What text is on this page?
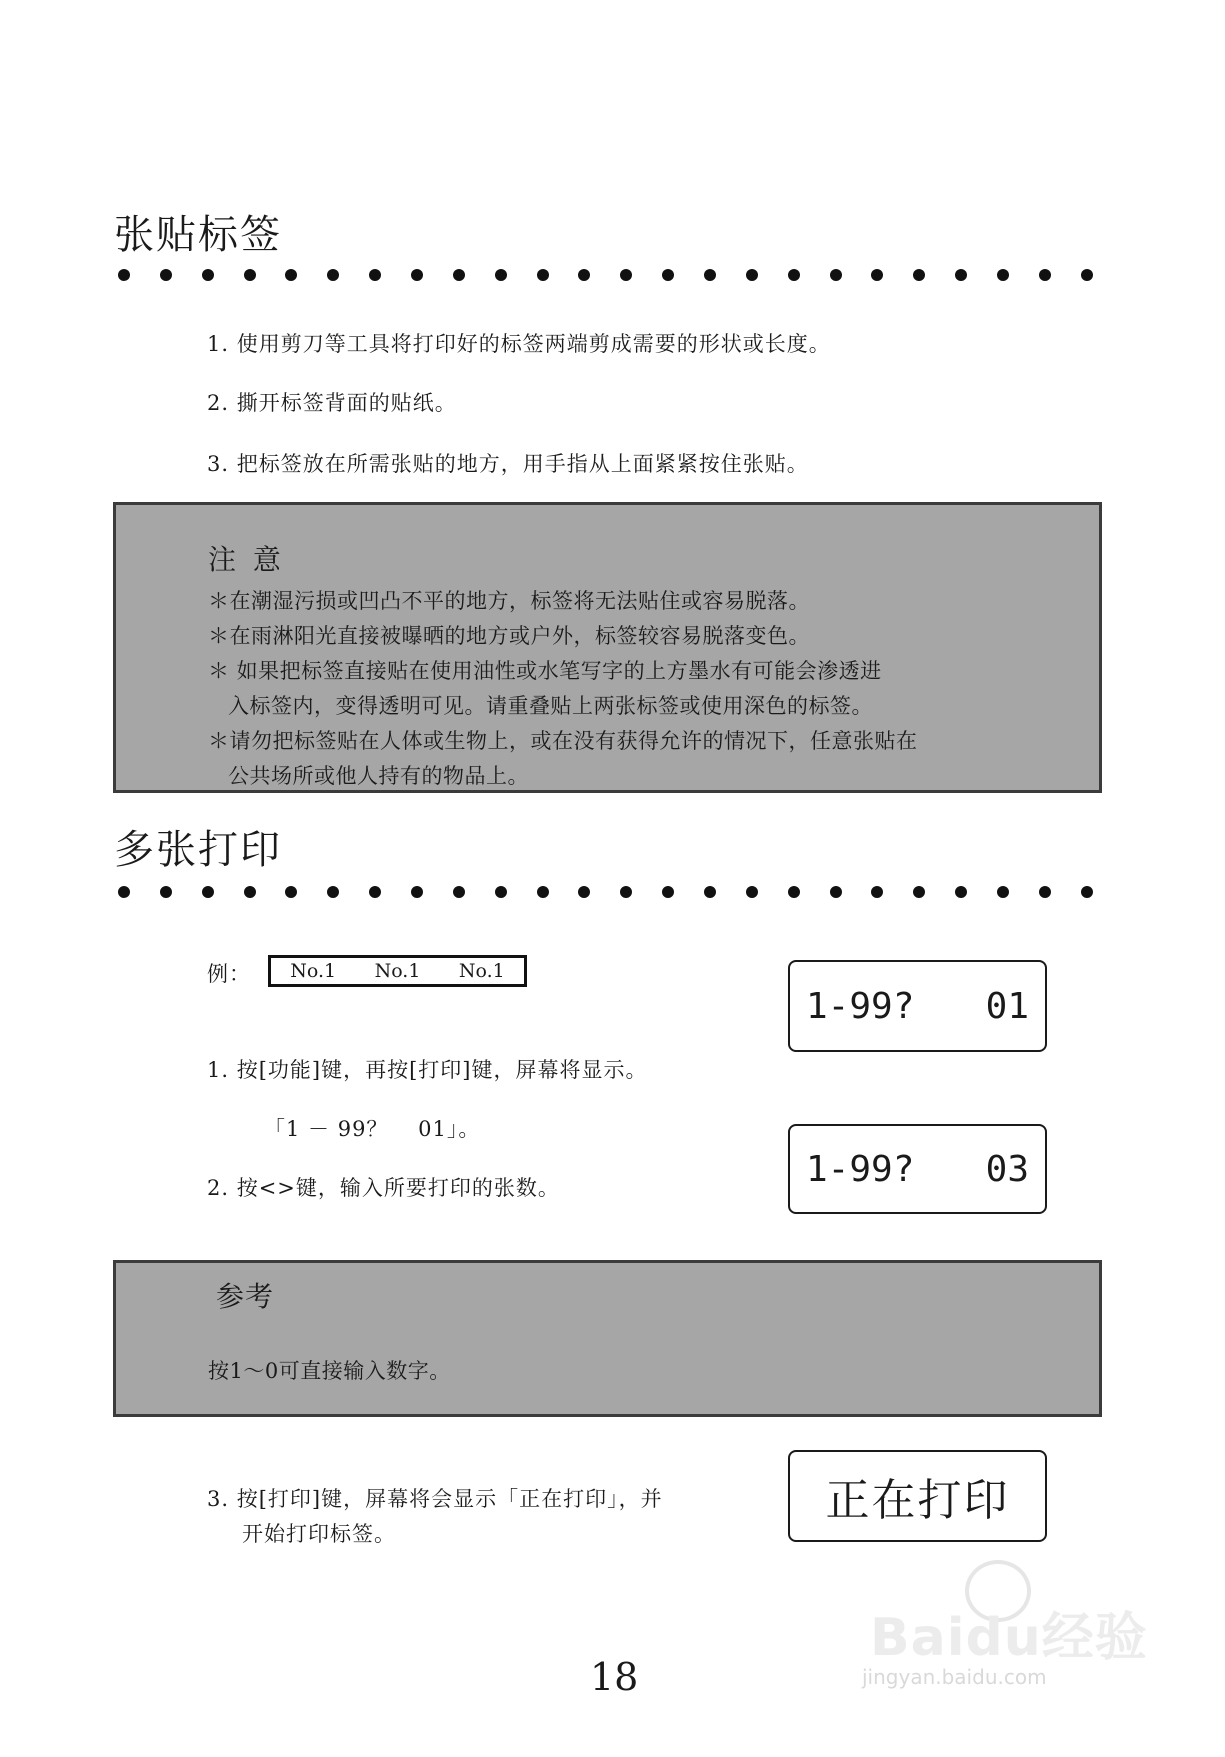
张贴标签
1. 使用剪刀等工具将打印好的标签两端剪成需要的形状或长度。
2. 撕开标签背面的贴纸。
3. 把标签放在所需张贴的地方，用手指从上面紧紧按住张贴。
注 意
＊在潮湿污损或凹凸不平的地方，标签将无法贴住或容易脱落。
＊在雨淋阳光直接被曝晒的地方或户外，标签较容易脱落变色。
＊ 如果把标签直接贴在使用油性或水笔写字的上方墨水有可能会渗透进
入标签内，变得透明可见。请重叠贴上两张标签或使用深色的标签。
＊请勿把标签贴在人体或生物上，或在没有获得允许的情况下，任意张贴在
公共场所或他人持有的物品上。
多张打印
例： No.1 No.1 No.1
1-99? 01
1. 按[功能]键，再按[打印]键，屏幕将显示。
「1 － 99？　 01」。
1-99? 03
2. 按<>键，输入所要打印的张数。
参考
按1～0可直接输入数字。
3. 按[打印]键，屏幕将会显示「正在打印」，并
开始打印标签。
正在打印
Baidu经验
jingyan.baidu.com
18
